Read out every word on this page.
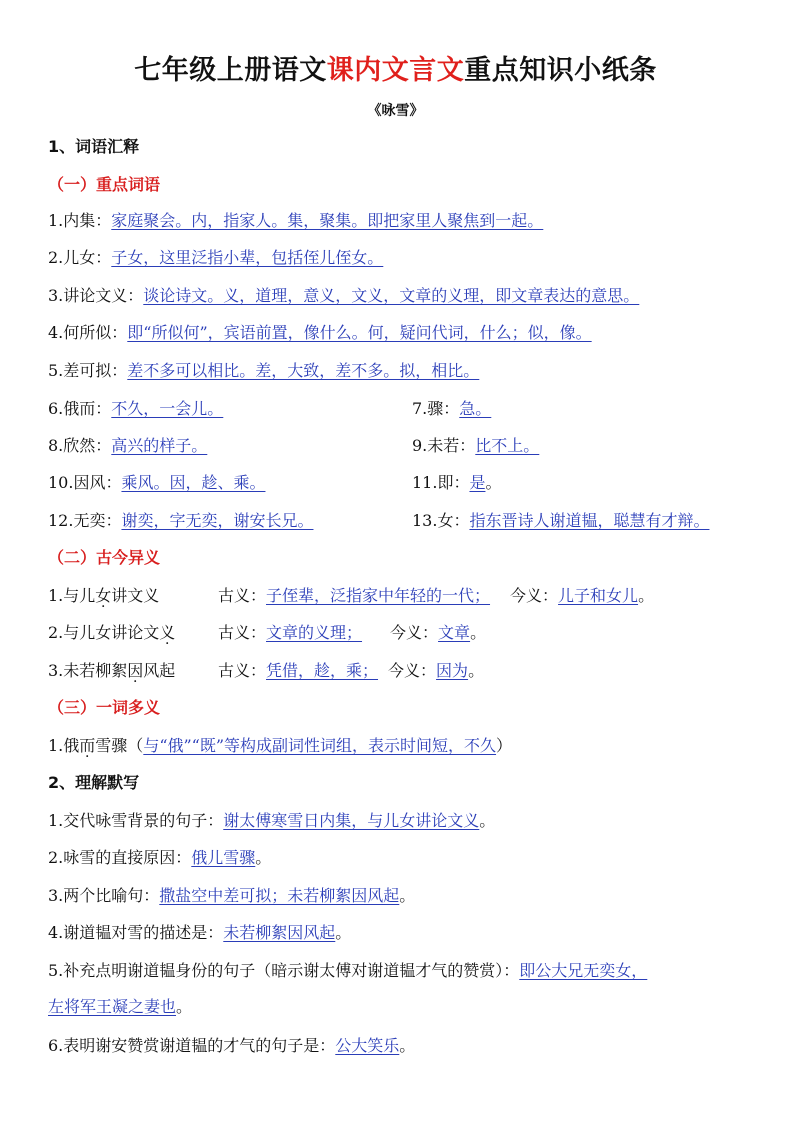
七年级上册语文课内文言文重点知识小纸条
《咏雪》
1、词语汇释
（一）重点词语
1.内集：家庭聚会。内，指家人。集，聚集。即把家里人聚焦到一起。
2.儿女：子女，这里泛指小辈，包括侄儿侄女。
3.讲论文义：谈论诗文。义，道理，意义，文义，文章的义理，即文章表达的意思。
4.何所似：即“所似何”，宾语前置，像什么。何，疑问代词，什么；似，像。
5.差可拟：差不多可以相比。差，大致，差不多。拟，相比。
6.俄而：不久，一会儿。	7.骤：急。
8.欣然：高兴的样子。	9.未若：比不上。
10.因风：乘风。因，趁、乘。	11.即：是。
12.无奕：谢奕，字无奕，谢安长兄。	13.女：指东晋诗人谢道韫，聪慧有才辩。
（二）古今异义
1.与儿女讲文义	古义：子侄辈，泛指家中年轻的一代； 今义：儿子和女儿。
2.与儿女讲论文义	古义：文章的义理； 今义：文章。
3.未若柳絮因风起	古义：凭借，趁，乘； 今义：因为。
（三）一词多义
1.俄而雪骤（与“俄”“既”等构成副词性词组，表示时间短，不久）
2、理解默写
1.交代咏雪背景的句子：谢太傅寒雪日内集，与儿女讲论文义。
2.咏雪的直接原因：俄儿雪骤。
3.两个比喻句：撒盐空中差可拟；未若柳絮因风起。
4.谢道韫对雪的描述是：未若柳絮因风起。
5.补充点明谢道韫身份的句子（暗示谢太傅对谢道韫才气的赞赏）：即公大兄无奕女，
左将军王凝之妻也。
6.表明谢安赞赏谢道韫的才气的句子是：公大笑乐。
